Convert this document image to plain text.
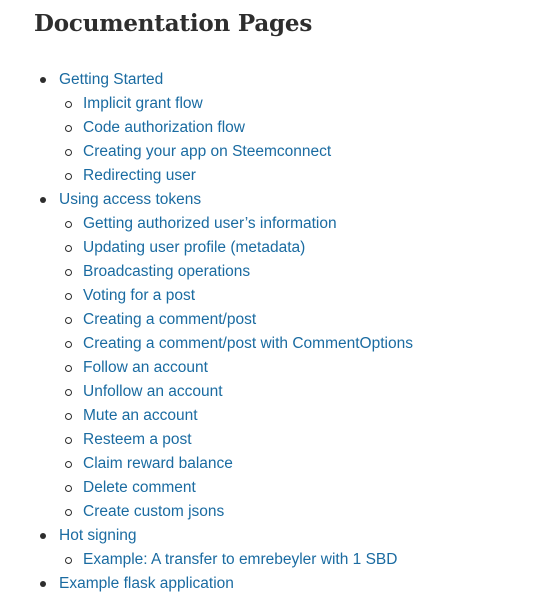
Documentation Pages
Getting Started
Implicit grant flow
Code authorization flow
Creating your app on Steemconnect
Redirecting user
Using access tokens
Getting authorized user’s information
Updating user profile (metadata)
Broadcasting operations
Voting for a post
Creating a comment/post
Creating a comment/post with CommentOptions
Follow an account
Unfollow an account
Mute an account
Resteem a post
Claim reward balance
Delete comment
Create custom jsons
Hot signing
Example: A transfer to emrebeyler with 1 SBD
Example flask application
